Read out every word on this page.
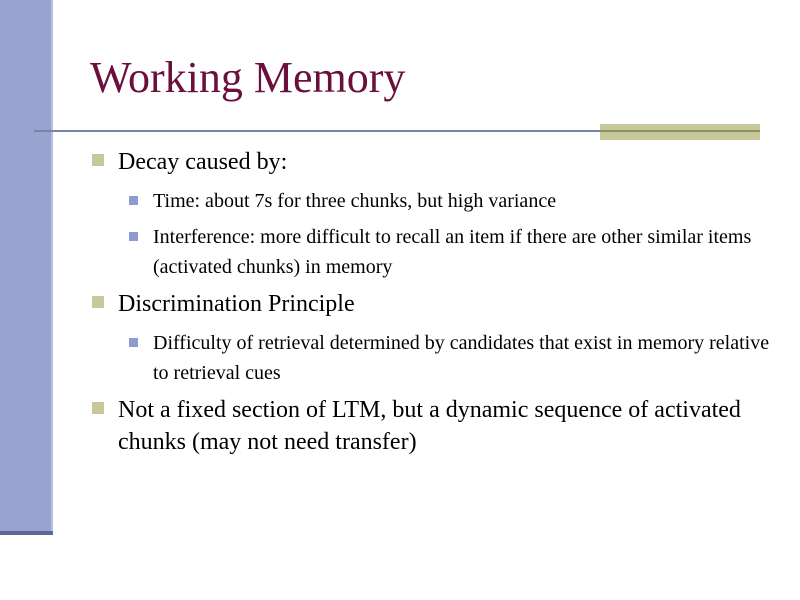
Working Memory
Decay caused by:
Time: about 7s for three chunks, but high variance
Interference: more difficult to recall an item if there are other similar items (activated chunks) in memory
Discrimination Principle
Difficulty of retrieval determined by candidates that exist in memory relative to retrieval cues
Not a fixed section of LTM, but a dynamic sequence of activated chunks (may not need transfer)
